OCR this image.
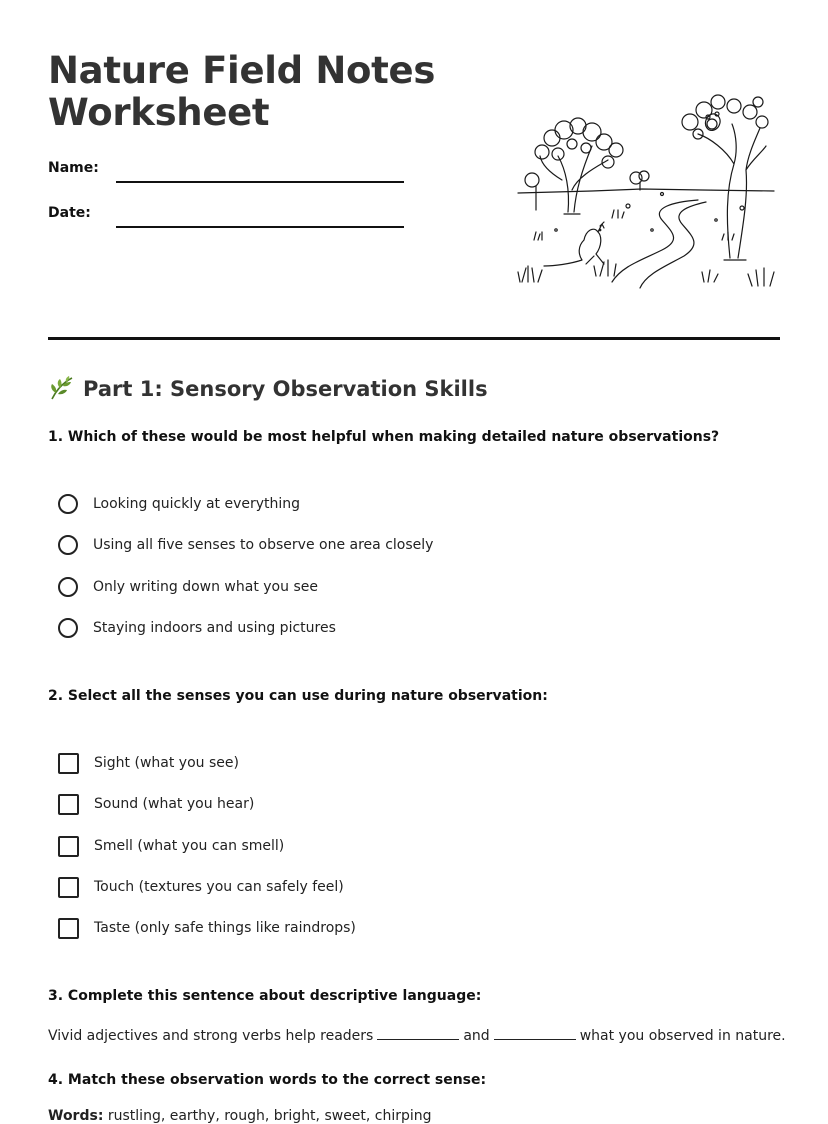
Nature Field Notes
Worksheet
Name:
Date:
Part 1: Sensory Observation Skills

1. Which of these would be most helpful when making detailed nature observations?

Looking quickly at everything
Using all five senses to observe one area closely
Only writing down what you see
Staying indoors and using pictures

2. Select all the senses you can use during nature observation:

Sight (what you see)
Sound (what you hear)
Smell (what you can smell)
Touch (textures you can safely feel)
Taste (only safe things like raindrops)

3. Complete this sentence about descriptive language:

Vivid adjectives and strong verbs help readers	and	what you observed in nature.

4. Match these observation words to the correct sense:

Words: rustling, earthy, rough, bright, sweet, chirping
